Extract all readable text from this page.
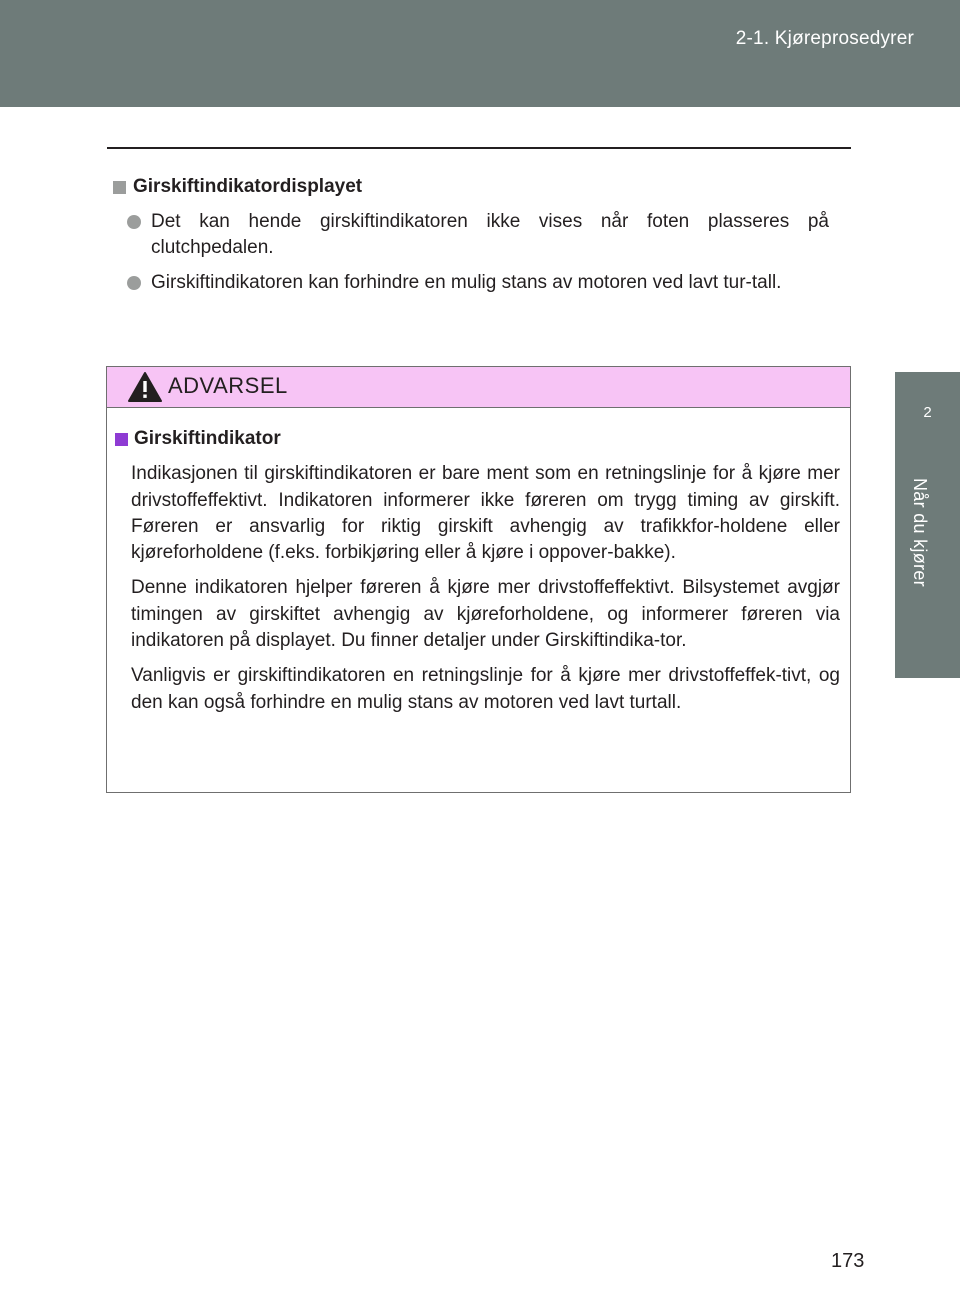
2-1. Kjøreprosedyrer
2
Når du kjører
Girskiftindikatordisplayet
Det kan hende girskiftindikatoren ikke vises når foten plasseres på clutchpedalen.
Girskiftindikatoren kan forhindre en mulig stans av motoren ved lavt tur-tall.
ADVARSEL
Girskiftindikator

Indikasjonen til girskiftindikatoren er bare ment som en retningslinje for å kjøre mer drivstoffeffektivt. Indikatoren informerer ikke føreren om trygg timing av girskift. Føreren er ansvarlig for riktig girskift avhengig av trafikkfor-holdene eller kjøreforholdene (f.eks. forbikjøring eller å kjøre i oppover-bakke).

Denne indikatoren hjelper føreren å kjøre mer drivstoffeffektivt. Bilsystemet avgjør timingen av girskiftet avhengig av kjøreforholdene, og informerer føreren via indikatoren på displayet. Du finner detaljer under Girskiftindika-tor.

Vanligvis er girskiftindikatoren en retningslinje for å kjøre mer drivstoffeffek-tivt, og den kan også forhindre en mulig stans av motoren ved lavt turtall.

173
